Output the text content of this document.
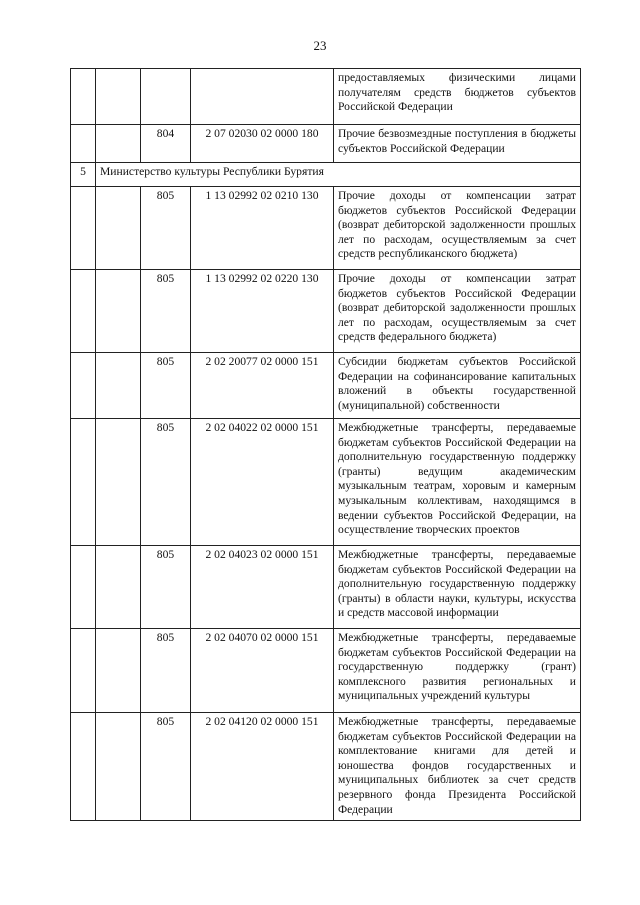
23
				предоставляемых физическими лицами получателям средств бюджетов субъектов Российской Федерации
		804	2 07 02030 02 0000 180	Прочие безвозмездные поступления в бюджеты субъектов Российской Федерации
5	Министерство культуры Республики Бурятия			
		805	1 13 02992 02 0210 130	Прочие доходы от компенсации затрат бюджетов субъектов Российской Федерации (возврат дебиторской задолженности прошлых лет по расходам, осуществляемым за счет средств республиканского бюджета)
		805	1 13 02992 02 0220 130	Прочие доходы от компенсации затрат бюджетов субъектов Российской Федерации (возврат дебиторской задолженности прошлых лет по расходам, осуществляемым за счет средств федерального бюджета)
		805	2 02 20077 02 0000 151	Субсидии бюджетам субъектов Российской Федерации на софинансирование капитальных вложений в объекты государственной (муниципальной) собственности
		805	2 02 04022 02 0000 151	Межбюджетные трансферты, передаваемые бюджетам субъектов Российской Федерации на дополнительную государственную поддержку (гранты) ведущим академическим музыкальным театрам, хоровым и камерным музыкальным коллективам, находящимся в ведении субъектов Российской Федерации, на осуществление творческих проектов
		805	2 02 04023 02 0000 151	Межбюджетные трансферты, передаваемые бюджетам субъектов Российской Федерации на дополнительную государственную поддержку (гранты) в области науки, культуры, искусства и средств массовой информации
		805	2 02 04070 02 0000 151	Межбюджетные трансферты, передаваемые бюджетам субъектов Российской Федерации на государственную поддержку (грант) комплексного развития региональных и муниципальных учреждений культуры
		805	2 02 04120 02 0000 151	Межбюджетные трансферты, передаваемые бюджетам субъектов Российской Федерации на комплектование книгами для детей и юношества фондов государственных и муниципальных библиотек за счет средств резервного фонда Президента Российской Федерации
